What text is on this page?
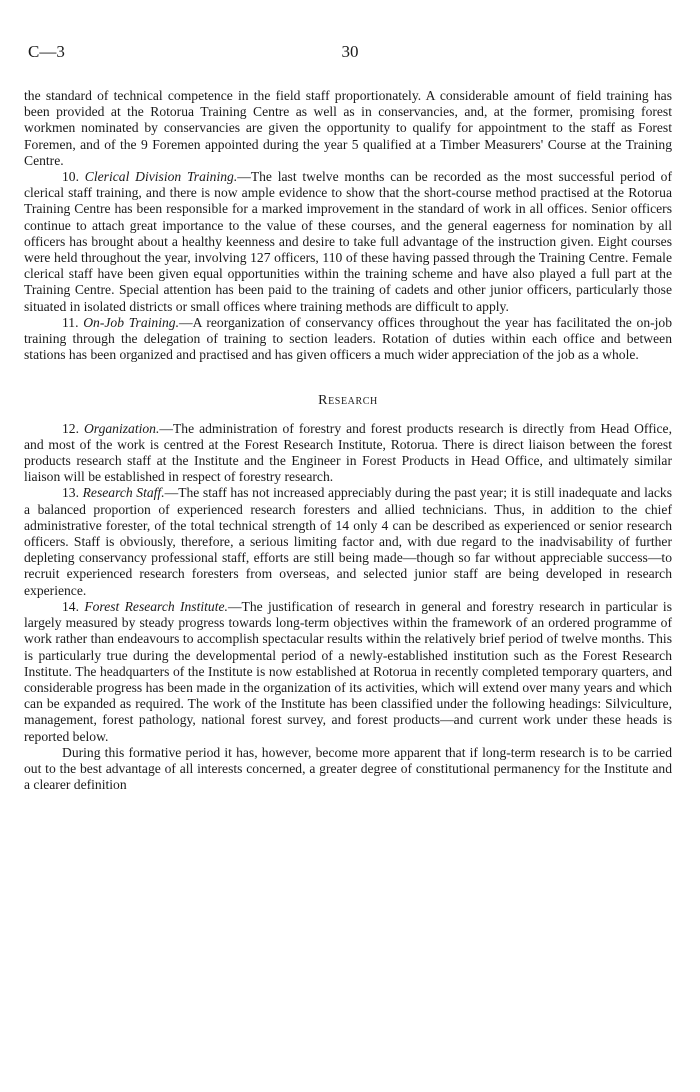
C—3	30

the standard of technical competence in the field staff proportionately. A considerable amount of field training has been provided at the Rotorua Training Centre as well as in conservancies, and, at the former, promising forest workmen nominated by conservancies are given the opportunity to qualify for appointment to the staff as Forest Foremen, and of the 9 Foremen appointed during the year 5 qualified at a Timber Measurers' Course at the Training Centre.

10. Clerical Division Training.—The last twelve months can be recorded as the most successful period of clerical staff training, and there is now ample evidence to show that the short-course method practised at the Rotorua Training Centre has been responsible for a marked improvement in the standard of work in all offices. Senior officers continue to attach great importance to the value of these courses, and the general eagerness for nomination by all officers has brought about a healthy keenness and desire to take full advantage of the instruction given. Eight courses were held throughout the year, involving 127 officers, 110 of these having passed through the Training Centre. Female clerical staff have been given equal opportunities within the training scheme and have also played a full part at the Training Centre. Special attention has been paid to the training of cadets and other junior officers, particularly those situated in isolated districts or small offices where training methods are difficult to apply.

11. On-Job Training.—A reorganization of conservancy offices throughout the year has facilitated the on-job training through the delegation of training to section leaders. Rotation of duties within each office and between stations has been organized and practised and has given officers a much wider appreciation of the job as a whole.

Research

12. Organization.—The administration of forestry and forest products research is directly from Head Office, and most of the work is centred at the Forest Research Institute, Rotorua. There is direct liaison between the forest products research staff at the Institute and the Engineer in Forest Products in Head Office, and ultimately similar liaison will be established in respect of forestry research.

13. Research Staff.—The staff has not increased appreciably during the past year; it is still inadequate and lacks a balanced proportion of experienced research foresters and allied technicians. Thus, in addition to the chief administrative forester, of the total technical strength of 14 only 4 can be described as experienced or senior research officers. Staff is obviously, therefore, a serious limiting factor and, with due regard to the inadvisability of further depleting conservancy professional staff, efforts are still being made—though so far without appreciable success—to recruit experienced research foresters from overseas, and selected junior staff are being developed in research experience.

14. Forest Research Institute.—The justification of research in general and forestry research in particular is largely measured by steady progress towards long-term objectives within the framework of an ordered programme of work rather than endeavours to accomplish spectacular results within the relatively brief period of twelve months. This is particularly true during the developmental period of a newly-established institution such as the Forest Research Institute. The headquarters of the Institute is now established at Rotorua in recently completed temporary quarters, and considerable progress has been made in the organization of its activities, which will extend over many years and which can be expanded as required. The work of the Institute has been classified under the following headings: Silviculture, management, forest pathology, national forest survey, and forest products—and current work under these heads is reported below.

During this formative period it has, however, become more apparent that if long-term research is to be carried out to the best advantage of all interests concerned, a greater degree of constitutional permanency for the Institute and a clearer definition
